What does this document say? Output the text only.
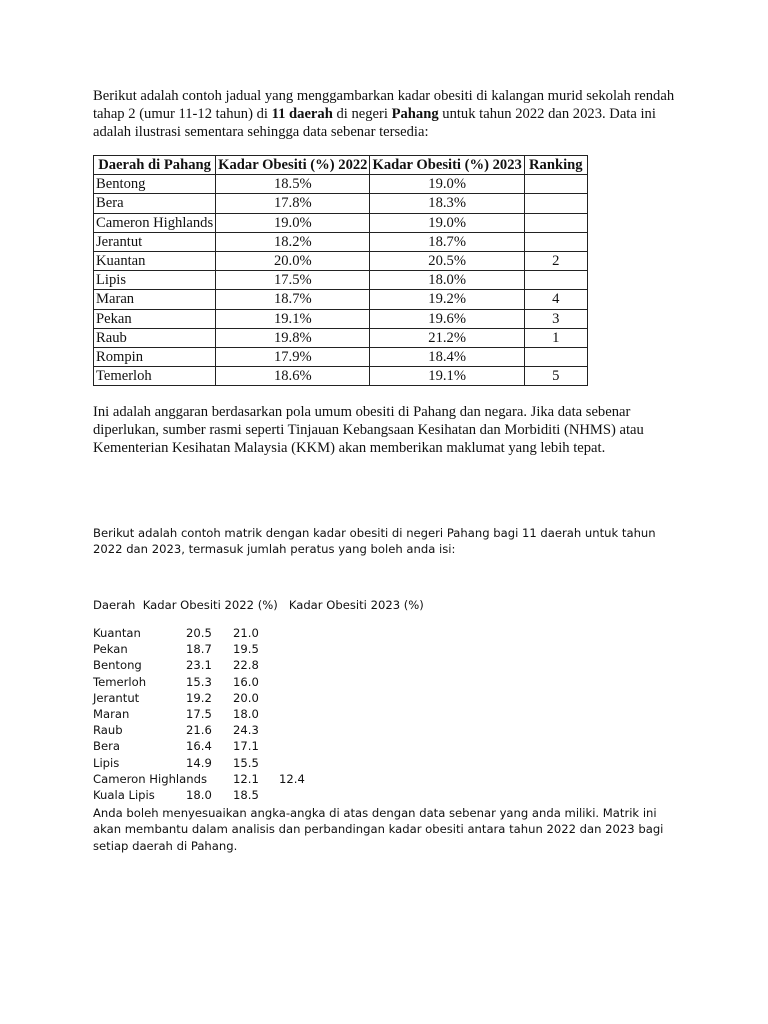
Berikut adalah contoh jadual yang menggambarkan kadar obesiti di kalangan murid sekolah rendah tahap 2 (umur 11-12 tahun) di 11 daerah di negeri Pahang untuk tahun 2022 dan 2023. Data ini adalah ilustrasi sementara sehingga data sebenar tersedia:

Daerah di Pahang	Kadar Obesiti (%) 2022	Kadar Obesiti (%) 2023	Ranking
Bentong	18.5%	19.0%	
Bera	17.8%	18.3%	
Cameron Highlands	19.0%	19.0%	
Jerantut	18.2%	18.7%	
Kuantan	20.0%	20.5%	2
Lipis	17.5%	18.0%	
Maran	18.7%	19.2%	4
Pekan	19.1%	19.6%	3
Raub	19.8%	21.2%	1
Rompin	17.9%	18.4%	
Temerloh	18.6%	19.1%	5

Ini adalah anggaran berdasarkan pola umum obesiti di Pahang dan negara. Jika data sebenar diperlukan, sumber rasmi seperti Tinjauan Kebangsaan Kesihatan dan Morbiditi (NHMS) atau Kementerian Kesihatan Malaysia (KKM) akan memberikan maklumat yang lebih tepat.

Berikut adalah contoh matrik dengan kadar obesiti di negeri Pahang bagi 11 daerah untuk tahun 2022 dan 2023, termasuk jumlah peratus yang boleh anda isi:

Daerah  Kadar Obesiti 2022 (%)   Kadar Obesiti 2023 (%)

Kuantan	20.5 21.0
Pekan	18.7 19.5
Bentong	23.1 22.8
Temerloh	15.3 16.0
Jerantut	19.2 20.0
Maran	17.5 18.0
Raub	21.6 24.3
Bera	16.4 17.1
Lipis	14.9 15.5
Cameron Highlands 12.1 12.4
Kuala Lipis	18.0 18.5

Anda boleh menyesuaikan angka-angka di atas dengan data sebenar yang anda miliki. Matrik ini akan membantu dalam analisis dan perbandingan kadar obesiti antara tahun 2022 dan 2023 bagi setiap daerah di Pahang.
